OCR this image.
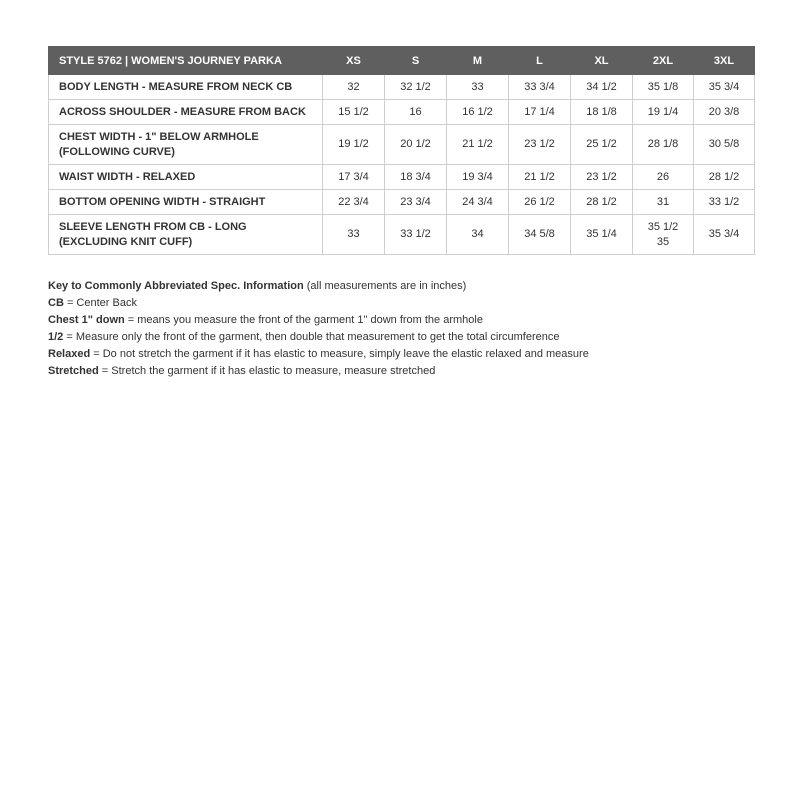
STYLE 5762 | WOMEN'S JOURNEY PARKA	XS	S	M	L	XL	2XL	3XL
BODY LENGTH - MEASURE FROM NECK CB	32	32 1/2	33	33 3/4	34 1/2	35 1/8	35 3/4
ACROSS SHOULDER - MEASURE FROM BACK	15 1/2	16	16 1/2	17 1/4	18 1/8	19 1/4	20 3/8
CHEST WIDTH - 1" BELOW ARMHOLE (FOLLOWING CURVE)	19 1/2	20 1/2	21 1/2	23 1/2	25 1/2	28 1/8	30 5/8
WAIST WIDTH - RELAXED	17 3/4	18 3/4	19 3/4	21 1/2	23 1/2	26	28 1/2
BOTTOM OPENING WIDTH - STRAIGHT	22 3/4	23 3/4	24 3/4	26 1/2	28 1/2	31	33 1/2
SLEEVE LENGTH FROM CB - LONG (EXCLUDING KNIT CUFF)	33	33 1/2	34	34 5/8	35 1/4	35 1/2 35	35 3/4

Key to Commonly Abbreviated Spec. Information (all measurements are in inches)

CB = Center Back

Chest 1" down = means you measure the front of the garment 1" down from the armhole

1/2 = Measure only the front of the garment, then double that measurement to get the total circumference

Relaxed = Do not stretch the garment if it has elastic to measure, simply leave the elastic relaxed and measure

Stretched = Stretch the garment if it has elastic to measure, measure stretched
